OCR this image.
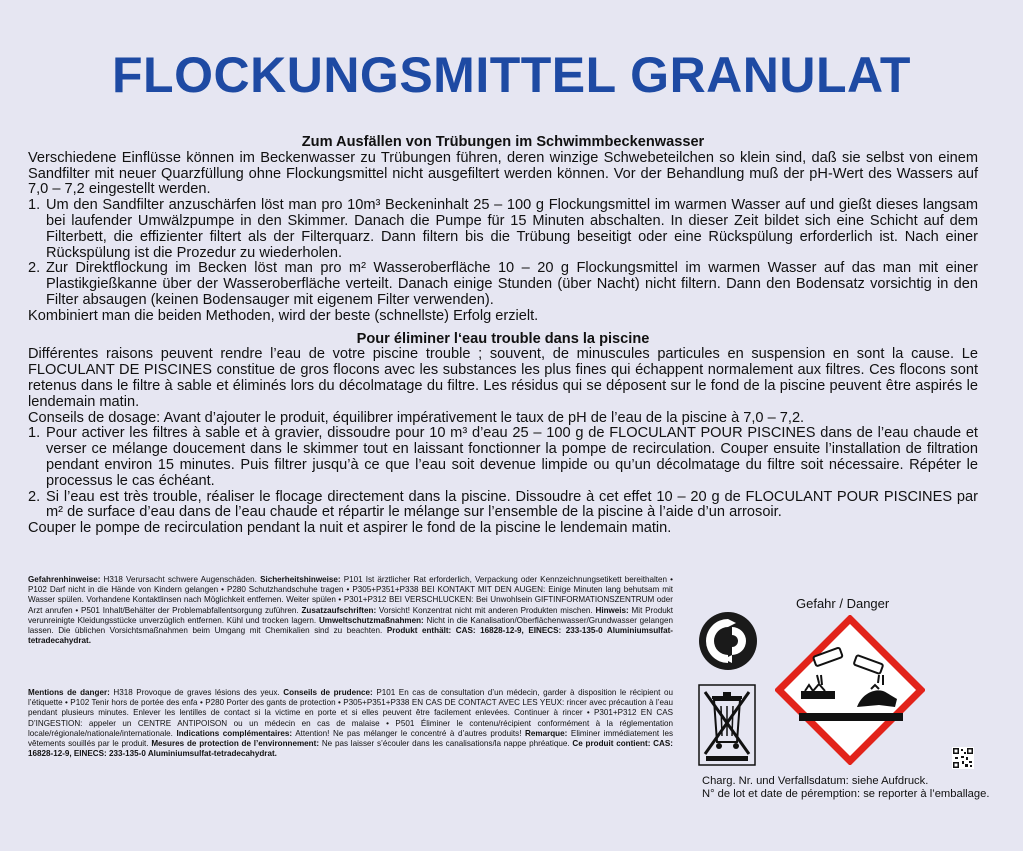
FLOCKUNGSMITTEL GRANULAT

Zum Ausfällen von Trübungen im Schwimmbeckenwasser

Verschiedene Einflüsse können im Beckenwasser zu Trübungen führen, deren winzige Schwebeteilchen so klein sind, daß sie selbst von einem Sandfilter mit neuer Quarzfüllung ohne Flockungsmittel nicht ausgefiltert werden können. Vor der Behandlung muß der pH-Wert des Wassers auf 7,0 – 7,2 eingestellt werden.

1. Um den Sandfilter anzuschärfen löst man pro 10m³ Beckeninhalt 25 – 100 g Flockungsmittel im warmen Wasser auf und gießt dieses langsam bei laufender Umwälzpumpe in den Skimmer. Danach die Pumpe für 15 Minuten abschalten. In dieser Zeit bildet sich eine Schicht auf dem Filterbett, die effizienter filtert als der Filterquarz. Dann filtern bis die Trübung beseitigt oder eine Rückspülung erforderlich ist. Nach einer Rückspülung ist die Prozedur zu wiederholen.
2. Zur Direktflockung im Becken löst man pro m² Wasseroberfläche 10 – 20 g Flockungsmittel im warmen Wasser auf das man mit einer Plastikgießkanne über der Wasseroberfläche verteilt. Danach einige Stunden (über Nacht) nicht filtern. Dann den Bodensatz vorsichtig in den Filter absaugen (keinen Bodensauger mit eigenem Filter verwenden).

Kombiniert man die beiden Methoden, wird der beste (schnellste) Erfolg erzielt.

Pour éliminer l‘eau trouble dans la piscine

Différentes raisons peuvent rendre l’eau de votre piscine trouble ; souvent, de minuscules particules en suspension en sont la cause. Le FLOCULANT DE PISCINES constitue de gros flocons avec les substances les plus fines qui échappent normalement aux filtres. Ces flocons sont retenus dans le filtre à sable et éliminés lors du décolmatage du filtre. Les résidus qui se déposent sur le fond de la piscine peuvent être aspirés le lendemain matin.

Conseils de dosage: Avant d’ajouter le produit, équilibrer impérativement le taux de pH de l’eau de la piscine à 7,0 – 7,2.

1. Pour activer les filtres à sable et à gravier, dissoudre pour 10 m³ d’eau 25 – 100 g de FLOCULANT POUR PISCINES dans de l’eau chaude et verser ce mélange doucement dans le skimmer tout en laissant fonctionner la pompe de recirculation. Couper ensuite l’installation de filtration pendant environ 15 minutes. Puis filtrer jusqu’à ce que l’eau soit devenue limpide ou qu’un décolmatage du filtre soit nécessaire. Répéter le processus le cas échéant.
2. Si l’eau est très trouble, réaliser le flocage directement dans la piscine. Dissoudre à cet effet 10 – 20 g de FLOCULANT POUR PISCINES par m² de surface d’eau dans de l’eau chaude et répartir le mélange sur l’ensemble de la piscine à l’aide d’un arrosoir.

Couper le pompe de recirculation pendant la nuit et aspirer le fond de la piscine le lendemain matin.

Gefahrenhinweise: H318 Verursacht schwere Augenschäden. Sicherheitshinweise: P101 Ist ärztlicher Rat erforderlich, Verpackung oder Kennzeichnungsetikett bereithalten • P102 Darf nicht in die Hände von Kindern gelangen • P280 Schutzhandschuhe tragen • P305+P351+P338 BEI KONTAKT MIT DEN AUGEN: Einige Minuten lang behutsam mit Wasser spülen. Vorhandene Kontaktlinsen nach Möglichkeit entfernen. Weiter spülen • P301+P312 BEI VERSCHLUCKEN: Bei Unwohlsein GIFTINFORMATIONSZENTRUM oder Arzt anrufen • P501 Inhalt/Behälter der Problemabfallentsorgung zuführen. Zusatzaufschriften: Vorsicht! Konzentrat nicht mit anderen Produkten mischen. Hinweis: Mit Produkt verunreinigte Kleidungsstücke unverzüglich entfernen. Kühl und trocken lagern. Umweltschutzmaßnahmen: Nicht in die Kanalisation/Oberflächenwasser/Grundwasser gelangen lassen. Die üblichen Vorsichtsmaßnahmen beim Umgang mit Chemikalien sind zu beachten. Produkt enthält: CAS: 16828-12-9, EINECS: 233-135-0 Aluminiumsulfat-tetradecahydrat.

Mentions de danger: H318 Provoque de graves lésions des yeux. Conseils de prudence: P101 En cas de consultation d’un médecin, garder à disposition le récipient ou l’étiquette • P102 Tenir hors de portée des enfa • P280 Porter des gants de protection • P305+P351+P338 EN CAS DE CONTACT AVEC LES YEUX: rincer avec précaution à l’eau pendant plusieurs minutes. Enlever les lentilles de contact si la victime en porte et si elles peuvent être facilement enlevées. Continuer à rincer • P301+P312 EN CAS D’INGESTION: appeler un CENTRE ANTIPOISON ou un médecin en cas de malaise • P501 Éliminer le contenu/récipient conformément à la réglementation locale/régionale/nationale/internationale. Indications complémentaires: Attention! Ne pas mélanger le concentré à d’autres produits! Remarque: Eliminer immédiatement les vêtements souillés par le produit. Mesures de protection de l’environnement: Ne pas laisser s’écouler dans les canalisations/la nappe phréatique. Ce produit contient: CAS: 16828-12-9, EINECS: 233-135-0 Aluminiumsulfat-tetradecahydrat.

Gefahr / Danger

Charg. Nr. und Verfallsdatum: siehe Aufdruck.

N° de lot et date de péremption: se reporter à l’emballage.
